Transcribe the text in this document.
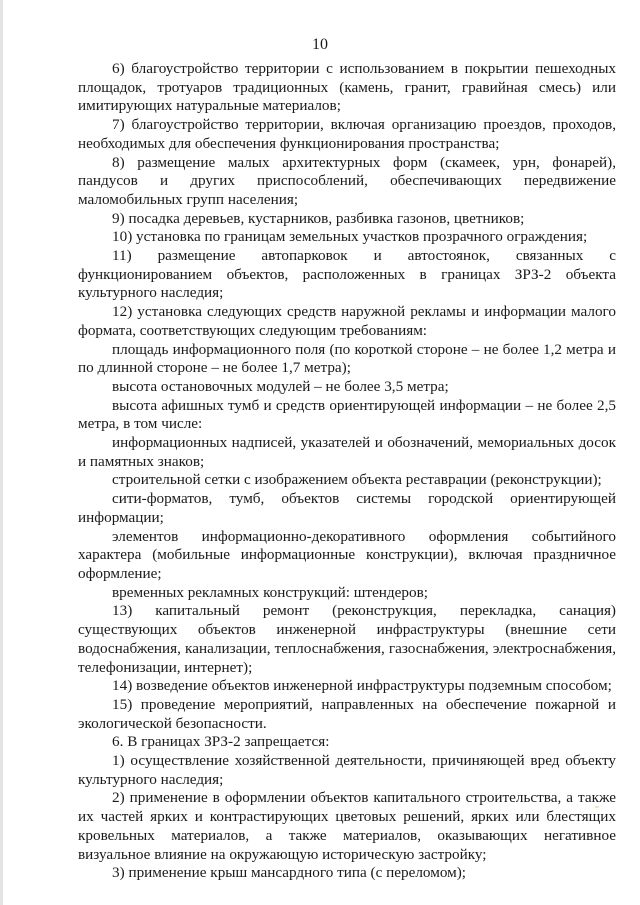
10

6) благоустройство территории с использованием в покрытии пешеходных площадок, тротуаров традиционных (камень, гранит, гравийная смесь) или имитирующих натуральные материалов;

7) благоустройство территории, включая организацию проездов, проходов, необходимых для обеспечения функционирования пространства;

8) размещение малых архитектурных форм (скамеек, урн, фонарей), пандусов и других приспособлений, обеспечивающих передвижение маломобильных групп населения;

9) посадка деревьев, кустарников, разбивка газонов, цветников;

10) установка по границам земельных участков прозрачного ограждения;

11) размещение автопарковок и автостоянок, связанных с функционированием объектов, расположенных в границах ЗРЗ-2 объекта культурного наследия;

12) установка следующих средств наружной рекламы и информации малого формата, соответствующих следующим требованиям:

площадь информационного поля (по короткой стороне – не более 1,2 метра и по длинной стороне – не более 1,7 метра);

высота остановочных модулей – не более 3,5 метра;

высота афишных тумб и средств ориентирующей информации – не более 2,5 метра, в том числе:

информационных надписей, указателей и обозначений, мемориальных досок и памятных знаков;

строительной сетки с изображением объекта реставрации (реконструкции);

сити-форматов, тумб, объектов системы городской ориентирующей информации;

элементов информационно-декоративного оформления событийного характера (мобильные информационные конструкции), включая праздничное оформление;

временных рекламных конструкций: штендеров;

13) капитальный ремонт (реконструкция, перекладка, санация) существующих объектов инженерной инфраструктуры (внешние сети водоснабжения, канализации, теплоснабжения, газоснабжения, электроснабжения, телефонизации, интернет);

14) возведение объектов инженерной инфраструктуры подземным способом;

15) проведение мероприятий, направленных на обеспечение пожарной и экологической безопасности.

6. В границах ЗРЗ-2 запрещается:

1) осуществление хозяйственной деятельности, причиняющей вред объекту культурного наследия;

2) применение в оформлении объектов капитального строительства, а также их частей ярких и контрастирующих цветовых решений, ярких или блестящих кровельных материалов, а также материалов, оказывающих негативное визуальное влияние на окружающую историческую застройку;

3) применение крыш мансардного типа (с переломом);
